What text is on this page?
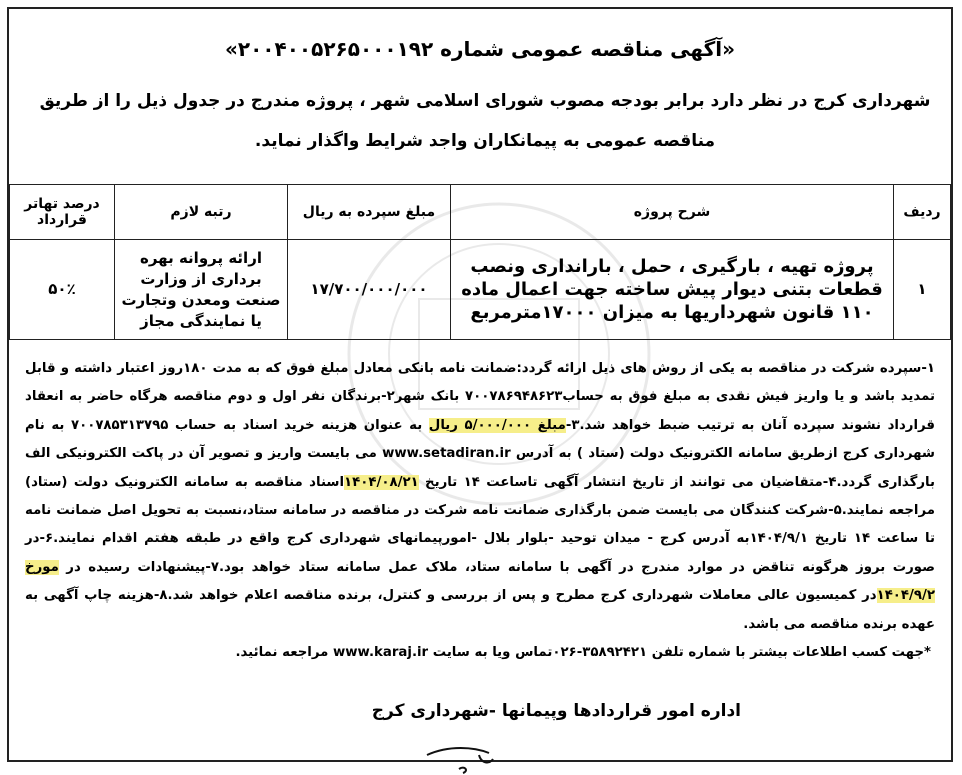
«آگهی مناقصه عمومی شماره ۲۰۰۴۰۰۵۲۶۵۰۰۰۱۹۲»
شهرداری کرج در نظر دارد برابر بودجه مصوب شورای اسلامی شهر ، پروژه مندرج در جدول ذیل را از طریق مناقصه عمومی به پیمانکاران واجد شرایط واگذار نماید.
ردیف	شرح پروژه	مبلغ سپرده به ریال	رتبه لازم	درصد تهاتر قرارداد
۱	پروژه تهیه ، بارگیری ، حمل ، بارانداری ونصب قطعات بتنی دیوار پیش ساخته جهت اعمال ماده ۱۱۰ قانون شهرداریها به میزان ۱۷۰۰۰مترمربع	۱۷/۷۰۰/۰۰۰/۰۰۰	ارائه پروانه بهره برداری از وزارت صنعت ومعدن وتجارت یا نمایندگی مجاز	۵۰٪
۱-سپرده شرکت در مناقصه به یکی از روش های ذیل ارائه گردد:ضمانت نامه بانکی معادل مبلغ فوق که به مدت ۱۸۰روز اعتبار داشته و قابل تمدید باشد و یا واریز فیش نقدی به مبلغ فوق به حساب۷۰۰۷۸۶۹۴۸۶۲۳ بانک شهر۲-برندگان نفر اول و دوم مناقصه هرگاه حاضر به انعقاد قرارداد نشوند سپرده آنان به ترتیب ضبط خواهد شد.۳-مبلغ ۵/۰۰۰/۰۰۰ ریال به عنوان هزینه خرید اسناد به حساب ۷۰۰۷۸۵۳۱۳۷۹۵ به نام شهرداری کرج ازطریق سامانه الکترونیک دولت (ستاد ) به آدرس www.setadiran.ir می بایست واریز و تصویر آن در پاکت الکترونیکی الف بارگذاری گردد.۴-متقاضیان می توانند از تاریخ انتشار آگهی تاساعت ۱۴ تاریخ ۱۴۰۴/۰۸/۲۱اسناد مناقصه به سامانه الکترونیک دولت (ستاد) مراجعه نمایند.۵-شرکت کنندگان می بایست ضمن بارگذاری ضمانت نامه شرکت در مناقصه در سامانه ستاد،نسبت به تحویل اصل ضمانت نامه تا ساعت ۱۴ تاریخ ۱۴۰۴/۹/۱به آدرس کرج - میدان توحید -بلوار بلال -امورپیمانهای شهرداری کرج واقع در طبقه هفتم اقدام نمایند.۶-در صورت بروز هرگونه تناقض در موارد مندرج در آگهی با سامانه ستاد، ملاک عمل سامانه ستاد خواهد بود.۷-پیشنهادات رسیده در مورخ ۱۴۰۴/۹/۲در کمیسیون عالی معاملات شهرداری کرج مطرح و پس از بررسی و کنترل، برنده مناقصه اعلام خواهد شد.۸-هزینه چاپ آگهی به عهده برنده مناقصه می باشد.
*جهت کسب اطلاعات بیشتر با شماره تلفن ۳۵۸۹۲۴۲۱-۰۲۶تماس ویا به سایت www.karaj.ir مراجعه نمائید.
اداره امور قراردادها وپیمانها -شهرداری کرج
